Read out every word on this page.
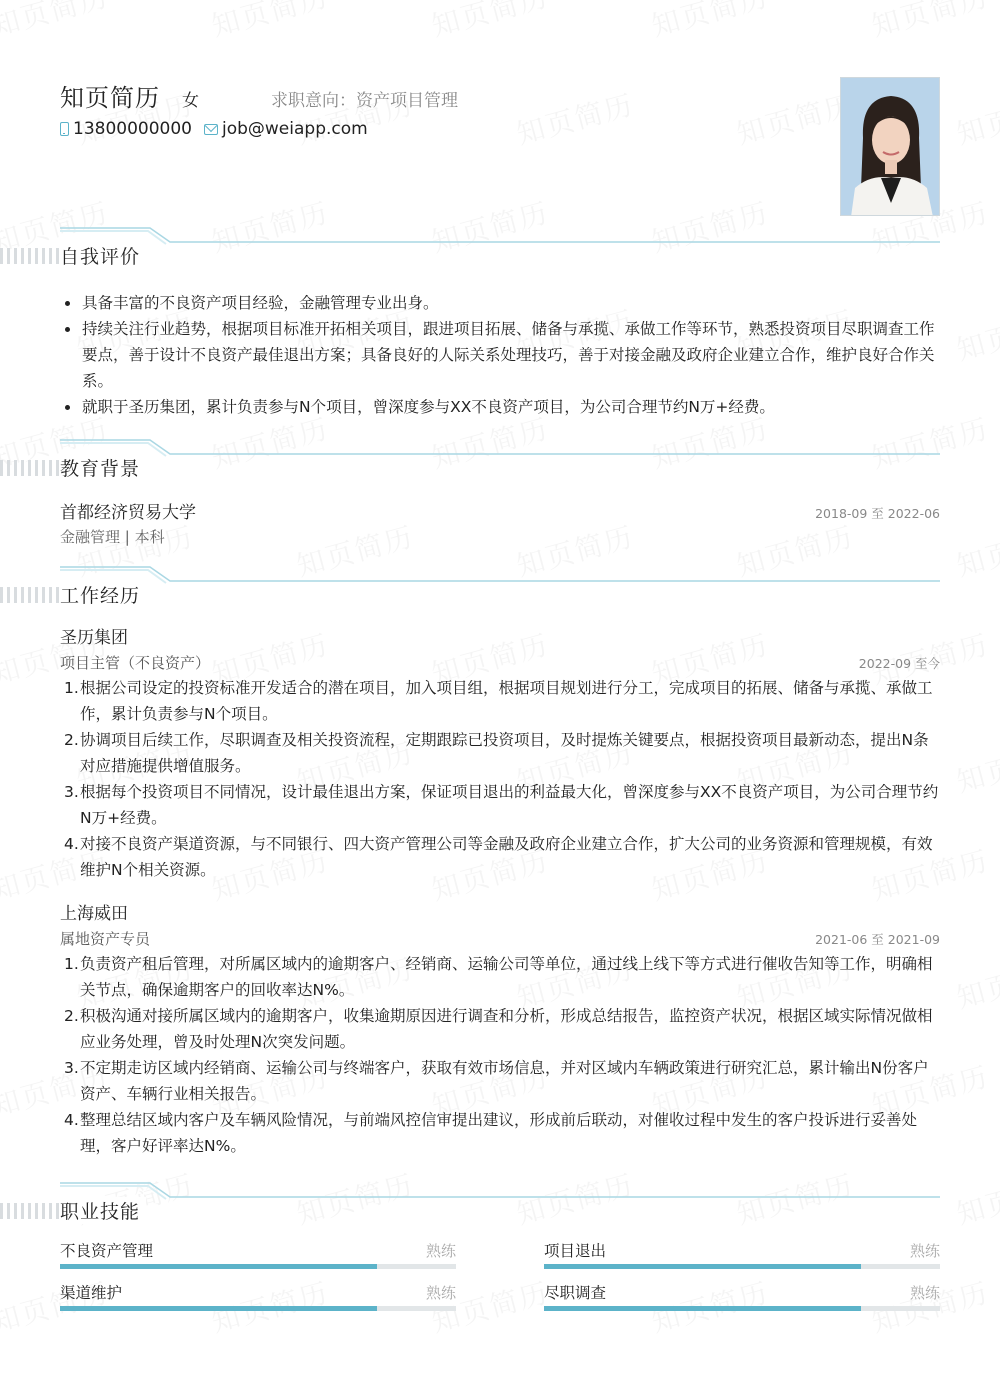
知页简历 女	求职意向：资产项目管理
13800000000 job@weiapp.com
自我评价
具备丰富的不良资产项目经验，金融管理专业出身。
持续关注行业趋势，根据项目标准开拓相关项目，跟进项目拓展、储备与承揽、承做工作等环节，熟悉投资项目尽职调查工作要点，善于设计不良资产最佳退出方案；具备良好的人际关系处理技巧，善于对接金融及政府企业建立合作，维护良好合作关系。
就职于圣历集团，累计负责参与N个项目，曾深度参与XX不良资产项目，为公司合理节约N万+经费。
教育背景
首都经济贸易大学	2018-09 至 2022-06
金融管理 | 本科
工作经历
圣历集团
项目主管（不良资产）	2022-09 至今
1. 根据公司设定的投资标准开发适合的潜在项目，加入项目组，根据项目规划进行分工，完成项目的拓展、储备与承揽、承做工作，累计负责参与N个项目。
2. 协调项目后续工作，尽职调查及相关投资流程，定期跟踪已投资项目，及时提炼关键要点，根据投资项目最新动态，提出N条对应措施提供增值服务。
3. 根据每个投资项目不同情况，设计最佳退出方案，保证项目退出的利益最大化，曾深度参与XX不良资产项目，为公司合理节约N万+经费。
4. 对接不良资产渠道资源，与不同银行、四大资产管理公司等金融及政府企业建立合作，扩大公司的业务资源和管理规模，有效维护N个相关资源。
上海威田
属地资产专员	2021-06 至 2021-09
1. 负责资产租后管理，对所属区域内的逾期客户、经销商、运输公司等单位，通过线上线下等方式进行催收告知等工作，明确相关节点，确保逾期客户的回收率达N%。
2. 积极沟通对接所属区域内的逾期客户，收集逾期原因进行调查和分析，形成总结报告，监控资产状况，根据区域实际情况做相应业务处理，曾及时处理N次突发问题。
3. 不定期走访区域内经销商、运输公司与终端客户，获取有效市场信息，并对区域内车辆政策进行研究汇总，累计输出N份客户资产、车辆行业相关报告。
4. 整理总结区域内客户及车辆风险情况，与前端风控信审提出建议，形成前后联动，对催收过程中发生的客户投诉进行妥善处理，客户好评率达N%。
职业技能
不良资产管理	熟练	项目退出	熟练
渠道维护	熟练	尽职调查	熟练
